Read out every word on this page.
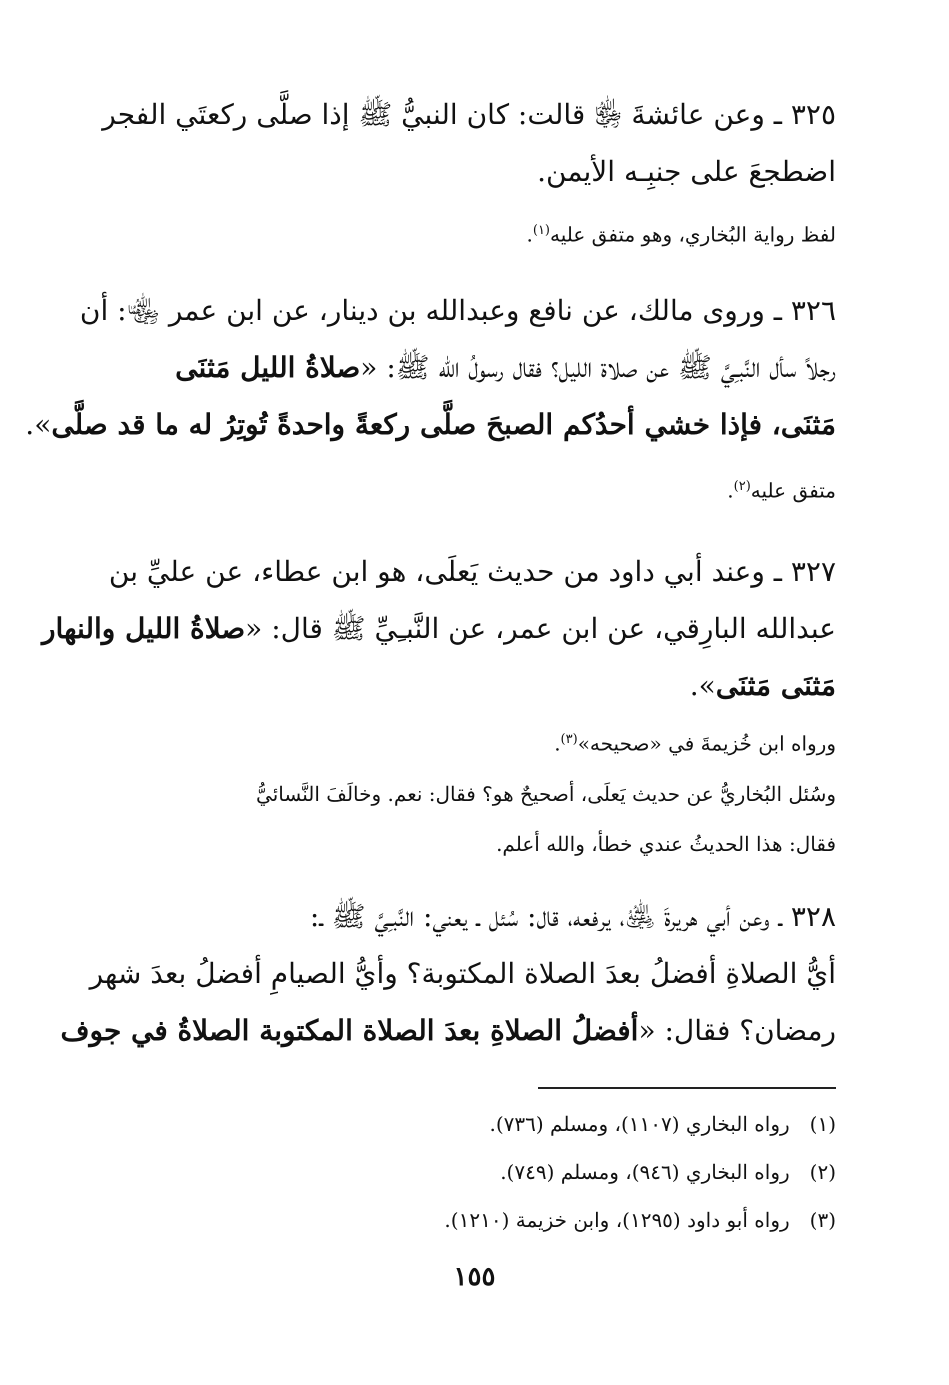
٣٢٥ ـ وعن عائشةَ ﵂ قالت: كان النبيُّ ﷺ إذا صلَّى ركعتَي الفجر
اضطجعَ على جنبِـه الأيمن.
لفظ رواية البُخاري، وهو متفق عليه$^{(١)}$.
٣٢٦ ـ وروى مالك، عن نافع وعبدالله بن دينار، عن ابن عمر ﵄: أن
رجلاً سأل النَّبـِيَّ ﷺ عن صلاة الليل؟ فقال رسولُ الله ﷺ: «صلاةُ الليل مَثنَى
مَثنَى، فإذا خشي أحدُكم الصبحَ صلَّى ركعةً واحدةً تُوتِرُ له ما قد صلَّى».
متفق عليه$^{(٢)}$.
٣٢٧ ـ وعند أبي داود من حديث يَعلَى، هو ابن عطاء، عن عليِّ بن
عبدالله البارِقي، عن ابن عمر، عن النَّبـِيِّ ﷺ قال: «صلاةُ الليل والنهار
مَثنَى مَثنَى».
ورواه ابن خُزيمةَ في «صحيحه»$^{(٣)}$.
وسُئل البُخاريُّ عن حديث يَعلَى، أصحيحٌ هو؟ فقال: نعم. وخالَفَ النَّسائيُّ
فقال: هذا الحديثُ عندي خطأ، والله أعلم.
٣٢٨ ـ وعن أبي هريرةَ ﵁، يرفعه، قال: سُئل ـ يعني: النَّبـِيَّ ﷺ ـ:
أيُّ الصلاةِ أفضلُ بعدَ الصلاة المكتوبة؟ وأيُّ الصيامِ أفضلُ بعدَ شهر
رمضان؟ فقال: «أفضلُ الصلاةِ بعدَ الصلاة المكتوبة الصلاةُ في جوف
(١) رواه البخاري (١١٠٧)، ومسلم (٧٣٦).
(٢) رواه البخاري (٩٤٦)، ومسلم (٧٤٩).
(٣) رواه أبو داود (١٢٩٥)، وابن خزيمة (١٢١٠).
١٥٥
